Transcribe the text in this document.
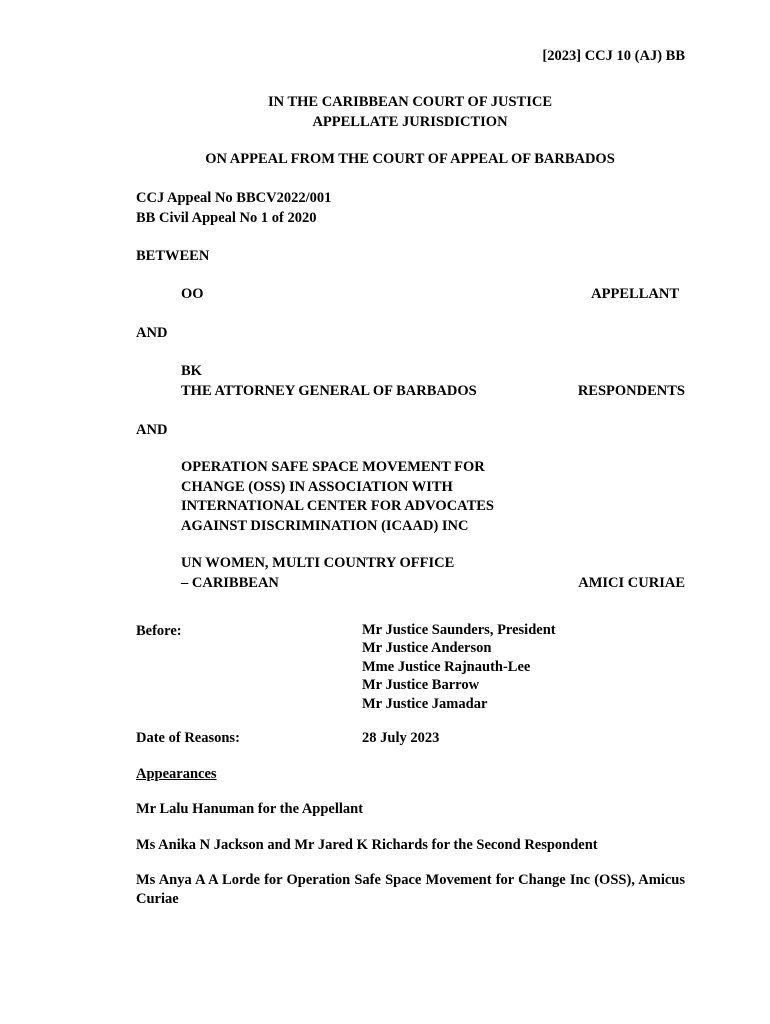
[2023] CCJ 10 (AJ) BB
IN THE CARIBBEAN COURT OF JUSTICE
APPELLATE JURISDICTION
ON APPEAL FROM THE COURT OF APPEAL OF BARBADOS
CCJ Appeal No BBCV2022/001
BB Civil Appeal No 1 of 2020
BETWEEN
OO	APPELLANT
AND
BK
THE ATTORNEY GENERAL OF BARBADOS	RESPONDENTS
AND
OPERATION SAFE SPACE MOVEMENT FOR
CHANGE (OSS) IN ASSOCIATION WITH
INTERNATIONAL CENTER FOR ADVOCATES
AGAINST DISCRIMINATION (ICAAD) INC
UN WOMEN, MULTI COUNTRY OFFICE
– CARIBBEAN	AMICI CURIAE
Before:	Mr Justice Saunders, President
Mr Justice Anderson
Mme Justice Rajnauth-Lee
Mr Justice Barrow
Mr Justice Jamadar
Date of Reasons:	28 July 2023
Appearances
Mr Lalu Hanuman for the Appellant
Ms Anika N Jackson and Mr Jared K Richards for the Second Respondent
Ms Anya A A Lorde for Operation Safe Space Movement for Change Inc (OSS), Amicus Curiae
